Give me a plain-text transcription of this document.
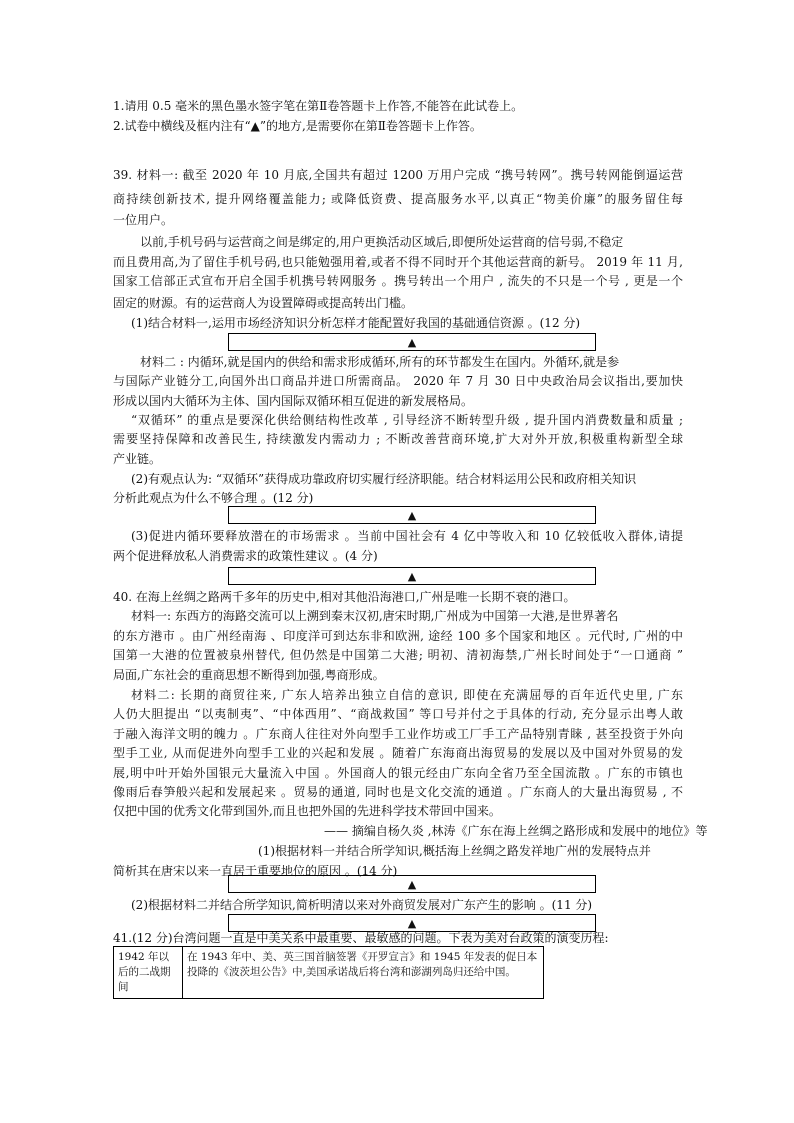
1.请用 0.5 毫米的黑色墨水签字笔在第Ⅱ卷答题卡上作答,不能答在此试卷上。
2.试卷中横线及框内注有“▲”的地方,是需要你在第Ⅱ卷答题卡上作答。
39. 材料一: 截至 2020 年 10 月底,全国共有超过 1200 万用户完成 “携号转网”。携号转网能倒逼运营
商持续创新技术, 提升网络覆盖能力; 或降低资费、提高服务水平,以真正“物美价廉”的服务留住每
一位用户。
以前,手机号码与运营商之间是绑定的,用户更换活动区域后,即便所处运营商的信号弱,不稳定
而且费用高,为了留住手机号码,也只能勉强用着,或者不得不同时开个其他运营商的新号。 2019 年 11 月,
国家工信部正式宣布开启全国手机携号转网服务 。携号转出一个用户 , 流失的不只是一个号 , 更是一个
固定的财源。有的运营商人为设置障碍或提高转出门槛。
(1)结合材料一,运用市场经济知识分析怎样才能配置好我国的基础通信资源 。(12 分)
▲
材料二 : 内循环,就是国内的供给和需求形成循环,所有的环节都发生在国内。外循环,就是参
与国际产业链分工,向国外出口商品并进口所需商品。 2020 年 7 月 30 日中央政治局会议指出,要加快
形成以国内大循环为主体、国内国际双循环相互促进的新发展格局。
“双循环” 的重点是要深化供给侧结构性改革 , 引导经济不断转型升级 , 提升国内消费数量和质量 ;
需要坚持保障和改善民生, 持续激发内需动力 ; 不断改善营商环境,扩大对外开放,积极重构新型全球
产业链。
(2)有观点认为: “双循环”获得成功靠政府切实履行经济职能。结合材料运用公民和政府相关知识
分析此观点为什么不够合理 。(12 分)
▲
(3)促进内循环要释放潜在的市场需求 。当前中国社会有 4 亿中等收入和 10 亿较低收入群体,请提
两个促进释放私人消费需求的政策性建议 。(4 分)
▲
40. 在海上丝绸之路两千多年的历史中,相对其他沿海港口,广州是唯一长期不衰的港口。
材料一: 东西方的海路交流可以上溯到秦末汉初,唐宋时期,广州成为中国第一大港,是世界著名
的东方港市 。由广州经南海 、印度洋可到达东非和欧洲, 途经 100 多个国家和地区 。元代时, 广州的中
国第一大港的位置被泉州替代, 但仍然是中国第二大港; 明初、清初海禁,广州长时间处于“一口通商 ”
局面,广东社会的重商思想不断得到加强,粤商形成。
材料二: 长期的商贸往来, 广东人培养出独立自信的意识, 即使在充满屈辱的百年近代史里, 广东
人仍大胆提出 “以夷制夷”、“中体西用”、“商战救国” 等口号并付之于具体的行动, 充分显示出粤人敢
于融入海洋文明的魄力 。广东商人往往对外向型手工业作坊或工厂手工产品特别青睐 , 甚至投资于外向
型手工业, 从而促进外向型手工业的兴起和发展 。随着广东海商出海贸易的发展以及中国对外贸易的发
展,明中叶开始外国银元大量流入中国 。外国商人的银元经由广东向全省乃至全国流散 。广东的市镇也
像雨后春笋般兴起和发展起来 。贸易的通道, 同时也是文化交流的通道 。广东商人的大量出海贸易 , 不
仅把中国的优秀文化带到国外,而且也把外国的先进科学技术带回中国来。
—— 摘编自杨久炎 ,林涛《广东在海上丝绸之路形成和发展中的地位》等
(1)根据材料一并结合所学知识,概括海上丝绸之路发祥地广州的发展特点并
简析其在唐宋以来一直居于重要地位的原因 。(14 分)
▲
(2)根据材料二并结合所学知识,简析明清以来对外商贸发展对广东产生的影响 。(11 分)
▲
41.(12 分)台湾问题一直是中美关系中最重要、最敏感的问题。下表为美对台政策的演变历程:
1942 年以后的二战期间	在 1943 年中、美、英三国首脑签署《开罗宣言》和 1945 年发表的促日本投降的《波茨坦公告》中,美国承诺战后将台湾和澎湖列岛归还给中国。
